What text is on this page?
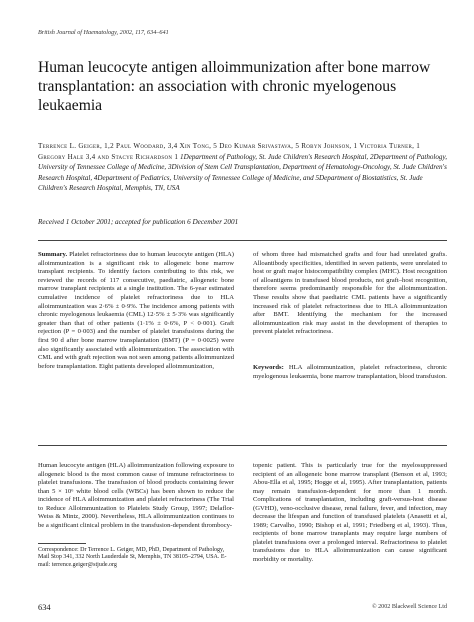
British Journal of Haematology, 2002, 117, 634–641
Human leucocyte antigen alloimmunization after bone marrow transplantation: an association with chronic myelogenous leukaemia

Terrence L. Geiger, 1,2 Paul Woodard, 3,4 Xin Tong, 5 Deo Kumar Srivastava, 5 Robyn Johnson, 1 Victoria Turner, 1 Gregory Hale 3,4 and Stacye Richardson 1 1Department of Pathology, St. Jude Children's Research Hospital, 2Department of Pathology, University of Tennessee College of Medicine, 3Division of Stem Cell Transplantation, Department of Hematology-Oncology, St. Jude Children's Research Hospital, 4Department of Pediatrics, University of Tennessee College of Medicine, and 5Department of Biostatistics, St. Jude Children's Research Hospital, Memphis, TN, USA

Received 1 October 2001; accepted for publication 6 December 2001

Summary. Platelet refractoriness due to human leucocyte antigen (HLA) alloimmunization is a significant risk to allogeneic bone marrow transplant recipients. To identify factors contributing to this risk, we reviewed the records of 117 consecutive, paediatric, allogeneic bone marrow transplant recipients at a single institution. The 6-year estimated cumulative incidence of platelet refractoriness due to HLA alloimmunization was 2·6% ± 0·9%. The incidence among patients with chronic myelogenous leukaemia (CML) 12·5% ± 5·3% was significantly greater than that of other patients (1·1% ± 0·6%, P < 0·001). Graft rejection (P = 0·003) and the number of platelet transfusions during the first 90 d after bone marrow transplantation (BMT) (P = 0·0025) were also significantly associated with alloimmunization. The association with CML and with graft rejection was not seen among patients alloimmunized before transplantation. Eight patients developed alloimmunization,

of whom three had mismatched grafts and four had unrelated grafts. Alloantibody specificities, identified in seven patients, were unrelated to host or graft major histocompatibility complex (MHC). Host recognition of alloantigens in transfused blood products, not graft–host recognition, therefore seems predominantly responsible for the alloimmunization. These results show that paediatric CML patients have a significantly increased risk of platelet refractoriness due to HLA alloimmunization after BMT. Identifying the mechanism for the increased alloimmunization risk may assist in the development of therapies to prevent platelet refractoriness.

Keywords: HLA alloimmunization, platelet refractoriness, chronic myelogenous leukaemia, bone marrow transplantation, blood transfusion.

Human leucocyte antigen (HLA) alloimmunization following exposure to allogeneic blood is the most common cause of immune refractoriness to platelet transfusions. The transfusion of blood products containing fewer than 5 × 10⁶ white blood cells (WBCs) has been shown to reduce the incidence of HLA alloimmunization and platelet refractoriness (The Trial to Reduce Alloimmunization to Platelets Study Group, 1997; Delaflor-Weiss & Mintz, 2000). Nevertheless, HLA alloimmunization continues to be a significant clinical problem in the transfusion-dependent thrombocy-

topenic patient. This is particularly true for the myelosuppressed recipient of an allogeneic bone marrow transplant (Benson et al, 1993; Abou-Ella et al, 1995; Hogge et al, 1995). After transplantation, patients may remain transfusion-dependent for more than 1 month. Complications of transplantation, including graft-versus-host disease (GVHD), veno-occlusive disease, renal failure, fever, and infection, may decrease the lifespan and function of transfused platelets (Anasetti et al, 1989; Carvalho, 1990; Bishop et al, 1991; Friedberg et al, 1993). Thus, recipients of bone marrow transplants may require large numbers of platelet transfusions over a prolonged interval. Refractoriness to platelet transfusions due to HLA alloimmunization can cause significant morbidity or mortality.

Correspondence: Dr Terrence L. Geiger, MD, PhD, Department of Pathology, Mail Stop 341, 332 North Lauderdale St, Memphis, TN 38105–2794, USA. E-mail: terrence.geiger@stjude.org

634	© 2002 Blackwell Science Ltd
